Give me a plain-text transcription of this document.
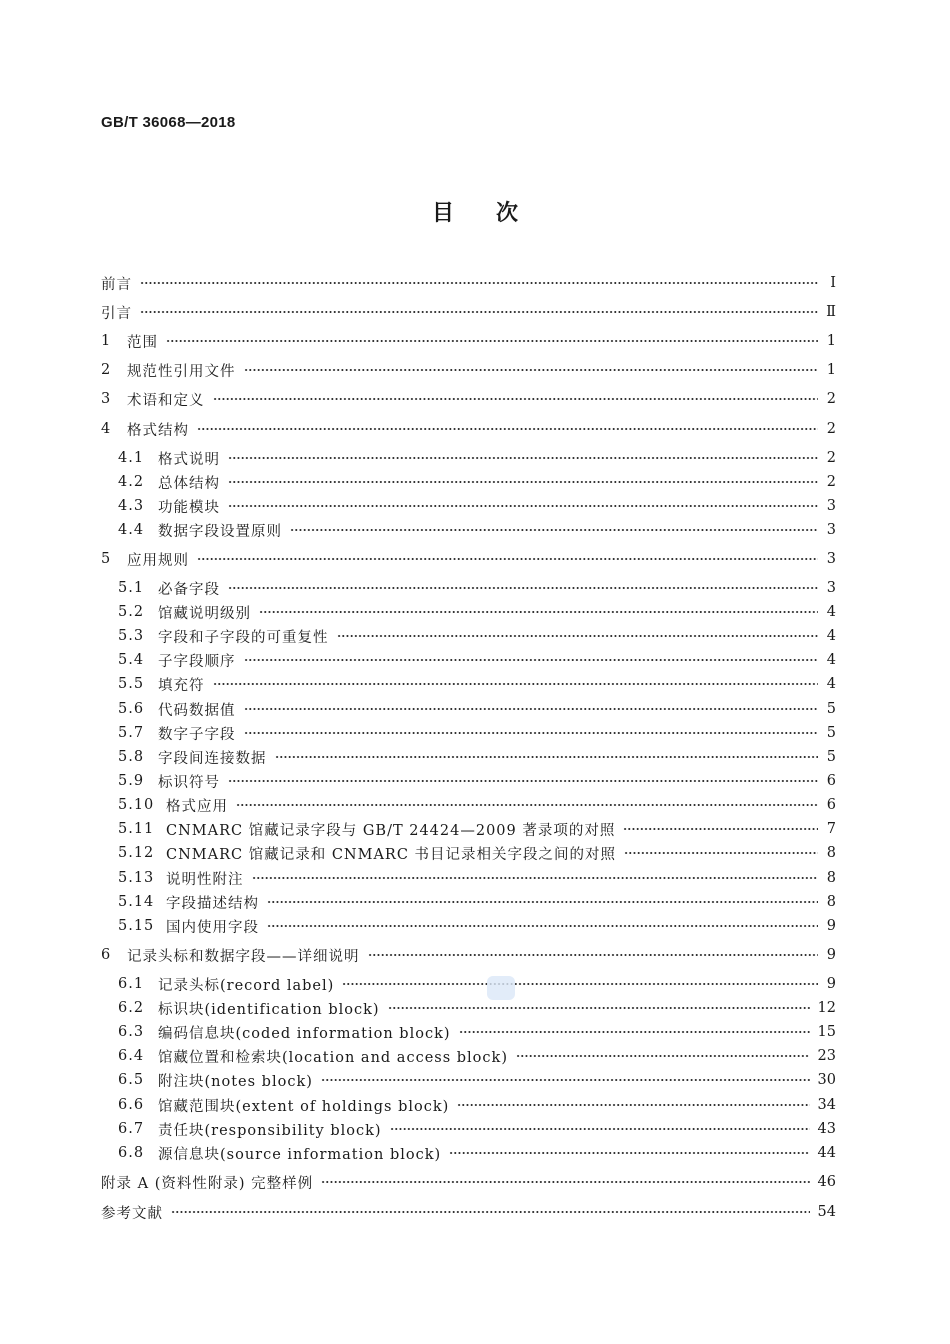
GB/T 36068—2018
目 次
前言	Ⅰ
引言	Ⅱ
1	范围	1
2	规范性引用文件	1
3	术语和定义	2
4	格式结构	2
4.1 格式说明	2
4.2 总体结构	2
4.3 功能模块	3
4.4 数据字段设置原则	3
5	应用规则	3
5.1 必备字段	3
5.2 馆藏说明级别	4
5.3 字段和子字段的可重复性	4
5.4 子字段顺序	4
5.5 填充符	4
5.6 代码数据值	5
5.7 数字子字段	5
5.8 字段间连接数据	5
5.9 标识符号	6
5.10 格式应用	6
5.11 CNMARC 馆藏记录字段与 GB/T 24424—2009 著录项的对照	7
5.12 CNMARC 馆藏记录和 CNMARC 书目记录相关字段之间的对照	8
5.13 说明性附注	8
5.14 字段描述结构	8
5.15 国内使用字段	9
6	记录头标和数据字段——详细说明	9
6.1 记录头标(record label)	9
6.2 标识块(identification block)	12
6.3 编码信息块(coded information block)	15
6.4 馆藏位置和检索块(location and access block)	23
6.5 附注块(notes block)	30
6.6 馆藏范围块(extent of holdings block)	34
6.7 责任块(responsibility block)	43
6.8 源信息块(source information block)	44
附录 A (资料性附录) 完整样例	46
参考文献	54
